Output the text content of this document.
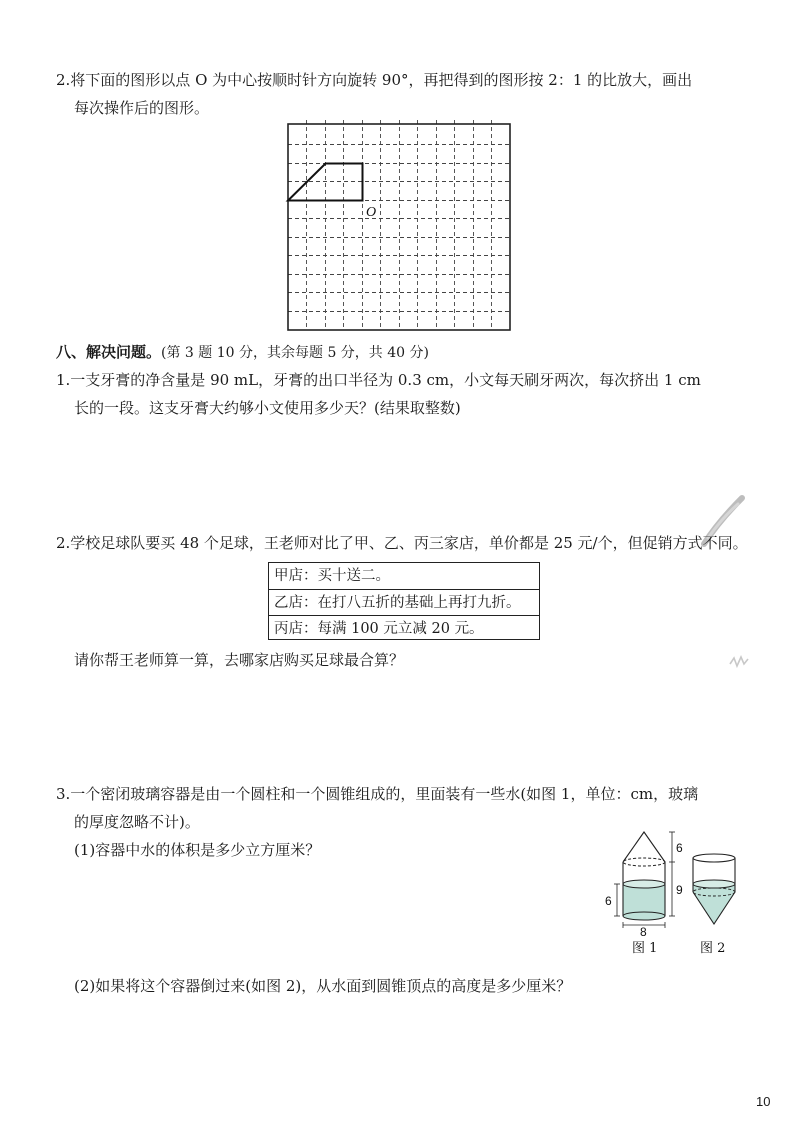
2.将下面的图形以点 O 为中心按顺时针方向旋转 90°，再把得到的图形按 2：1 的比放大，画出
每次操作后的图形。
O
八、解决问题。(第 3 题 10 分，其余每题 5 分，共 40 分)
1.一支牙膏的净含量是 90 mL，牙膏的出口半径为 0.3 cm，小文每天刷牙两次，每次挤出 1 cm
长的一段。这支牙膏大约够小文使用多少天？(结果取整数)
2.学校足球队要买 48 个足球，王老师对比了甲、乙、丙三家店，单价都是 25 元/个，但促销方式不同。
甲店：买十送二。
乙店：在打八五折的基础上再打九折。
丙店：每满 100 元立减 20 元。
请你帮王老师算一算，去哪家店购买足球最合算？
3.一个密闭玻璃容器是由一个圆柱和一个圆锥组成的，里面装有一些水(如图 1，单位：cm，玻璃
的厚度忽略不计)。
(1)容器中水的体积是多少立方厘米？	6
9
6
8
图 1	图 2
(2)如果将这个容器倒过来(如图 2)，从水面到圆锥顶点的高度是多少厘米？
10
